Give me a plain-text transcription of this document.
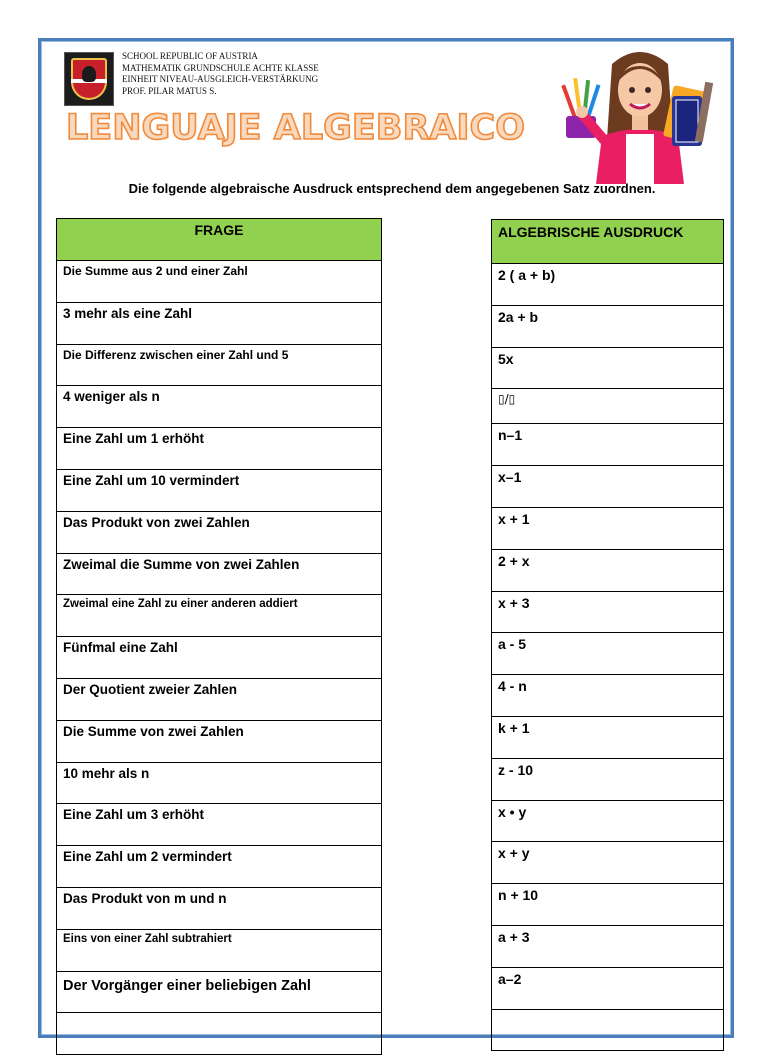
SCHOOL REPUBLIC OF AUSTRIA
MATHEMATIK GRUNDSCHULE ACHTE KLASSE
EINHEIT NIVEAU-AUSGLEICH-VERSTÄRKUNG
PROF. PILAR MATUS S.
LENGUAJE ALGEBRAICO
Die folgende algebraische Ausdruck entsprechend dem angegebenen Satz zuordnen.
FRAGE
Die Summe aus 2 und einer Zahl
3 mehr als eine Zahl
Die Differenz zwischen einer Zahl und 5
4 weniger als n
Eine Zahl um 1 erhöht
Eine Zahl um 10 vermindert
Das Produkt von zwei Zahlen
Zweimal die Summe von zwei Zahlen
Zweimal eine Zahl zu einer anderen addiert
Fünfmal eine Zahl
Der Quotient zweier Zahlen
Die Summe von zwei Zahlen
10 mehr als n
Eine Zahl um 3 erhöht
Eine Zahl um 2 vermindert
Das Produkt von m und n
Eins von einer Zahl subtrahiert
Der Vorgänger einer beliebigen Zahl

ALGEBRISCHE AUSDRUCK
2 ( a + b)
2a + b
5x
▯/▯
n–1
x–1
x + 1
2 + x
x + 3
a - 5
4 - n
k + 1
z - 10
x • y
x + y
n + 10
a + 3
a–2
